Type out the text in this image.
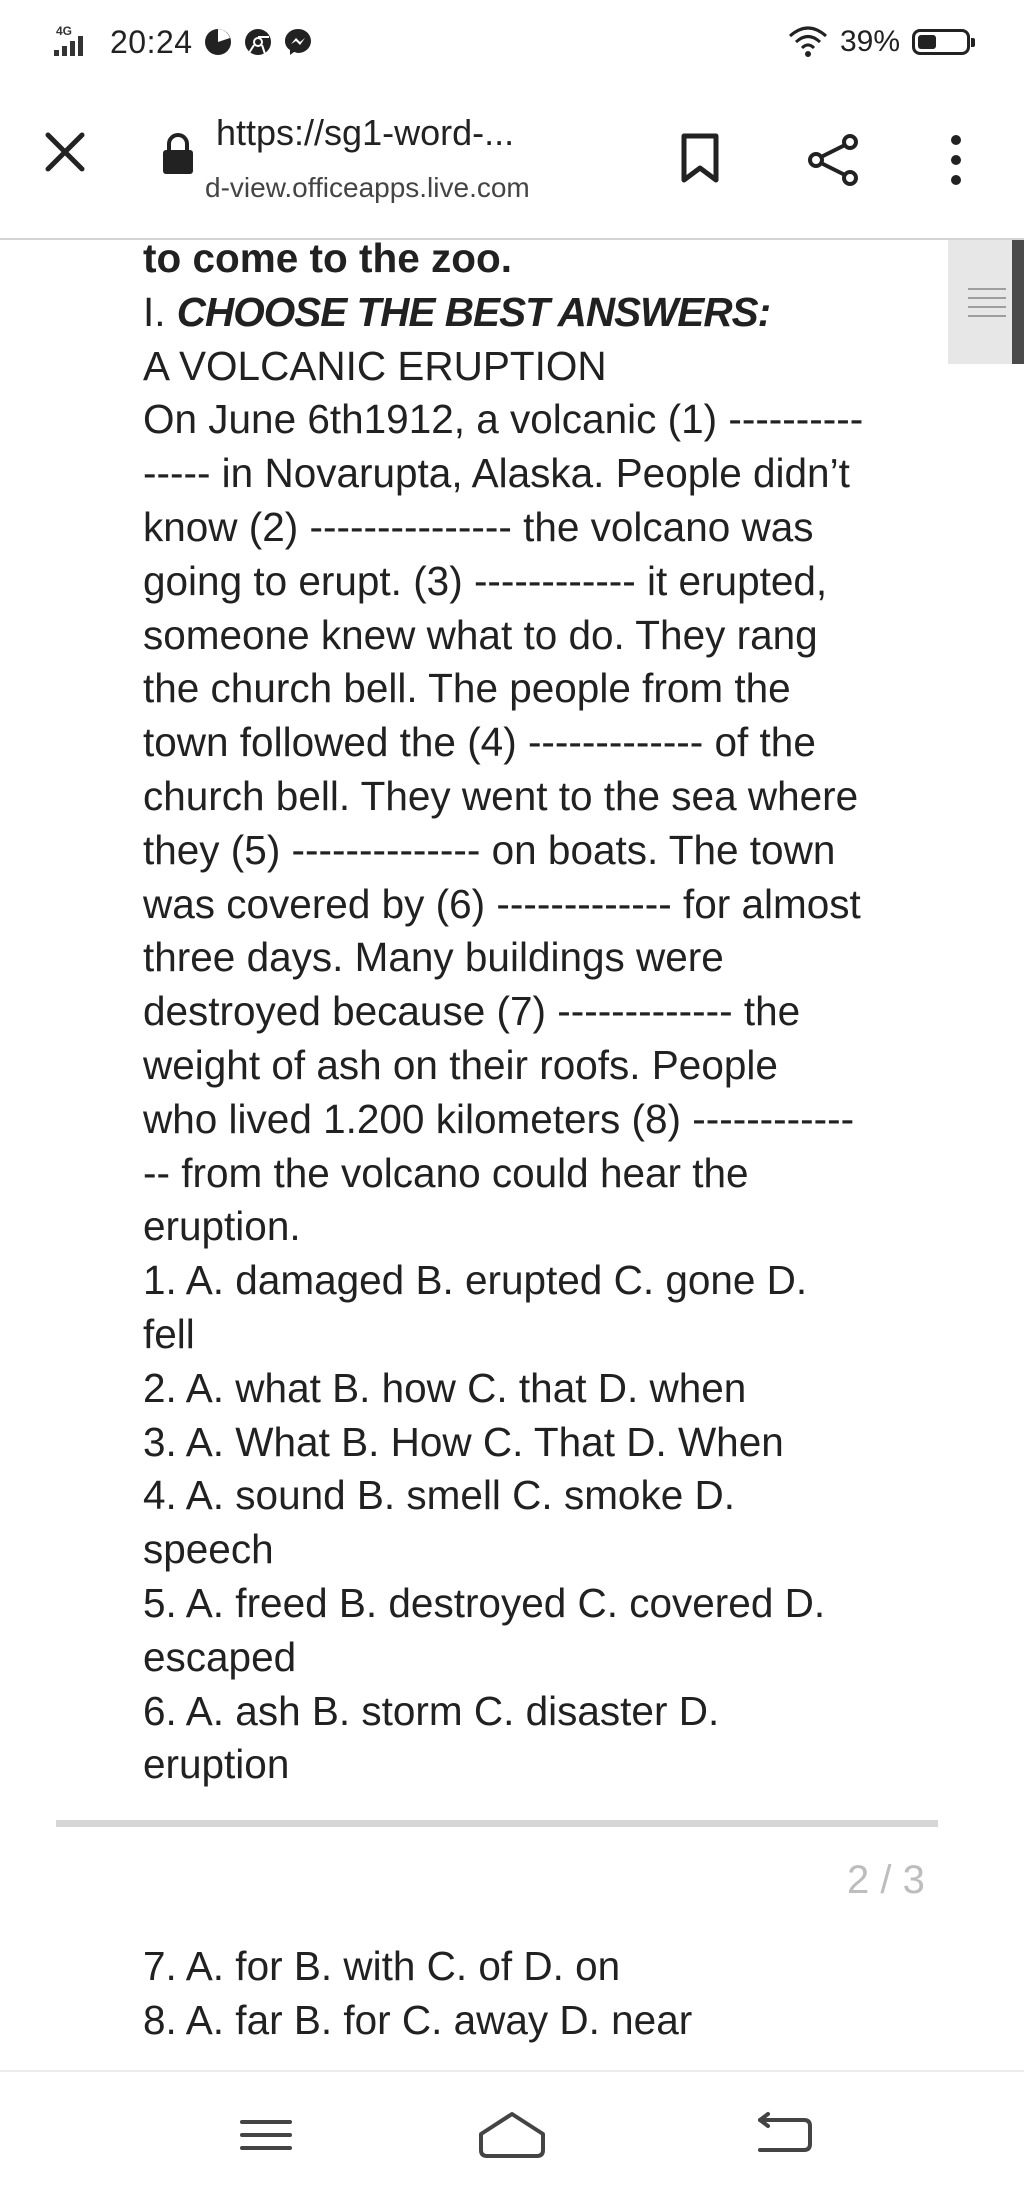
4G 20:24	39%
https://sg1-word-...
d-view.officeapps.live.com

to come to the zoo.

I. CHOOSE THE BEST ANSWERS:

A VOLCANIC ERUPTION

On June 6th1912, a volcanic (1) ----------

----- in Novarupta, Alaska. People didn’t

know (2) --------------- the volcano was

going to erupt. (3) ------------ it erupted,

someone knew what to do. They rang

the church bell. The people from the

town followed the (4) ------------- of the

church bell. They went to the sea where

they (5) -------------- on boats. The town

was covered by (6) ------------- for almost

three days. Many buildings were

destroyed because (7) ------------- the

weight of ash on their roofs. People

who lived 1.200 kilometers (8) ------------

-- from the volcano could hear the

eruption.

1. A. damaged B. erupted C. gone D.

fell

2. A. what B. how C. that D. when

3. A. What B. How C. That D. When

4. A. sound B. smell C. smoke D.

speech

5. A. freed B. destroyed C. covered D.

escaped

6. A. ash B. storm C. disaster D.

eruption

2 / 3

7. A. for B. with C. of D. on

8. A. far B. for C. away D. near
